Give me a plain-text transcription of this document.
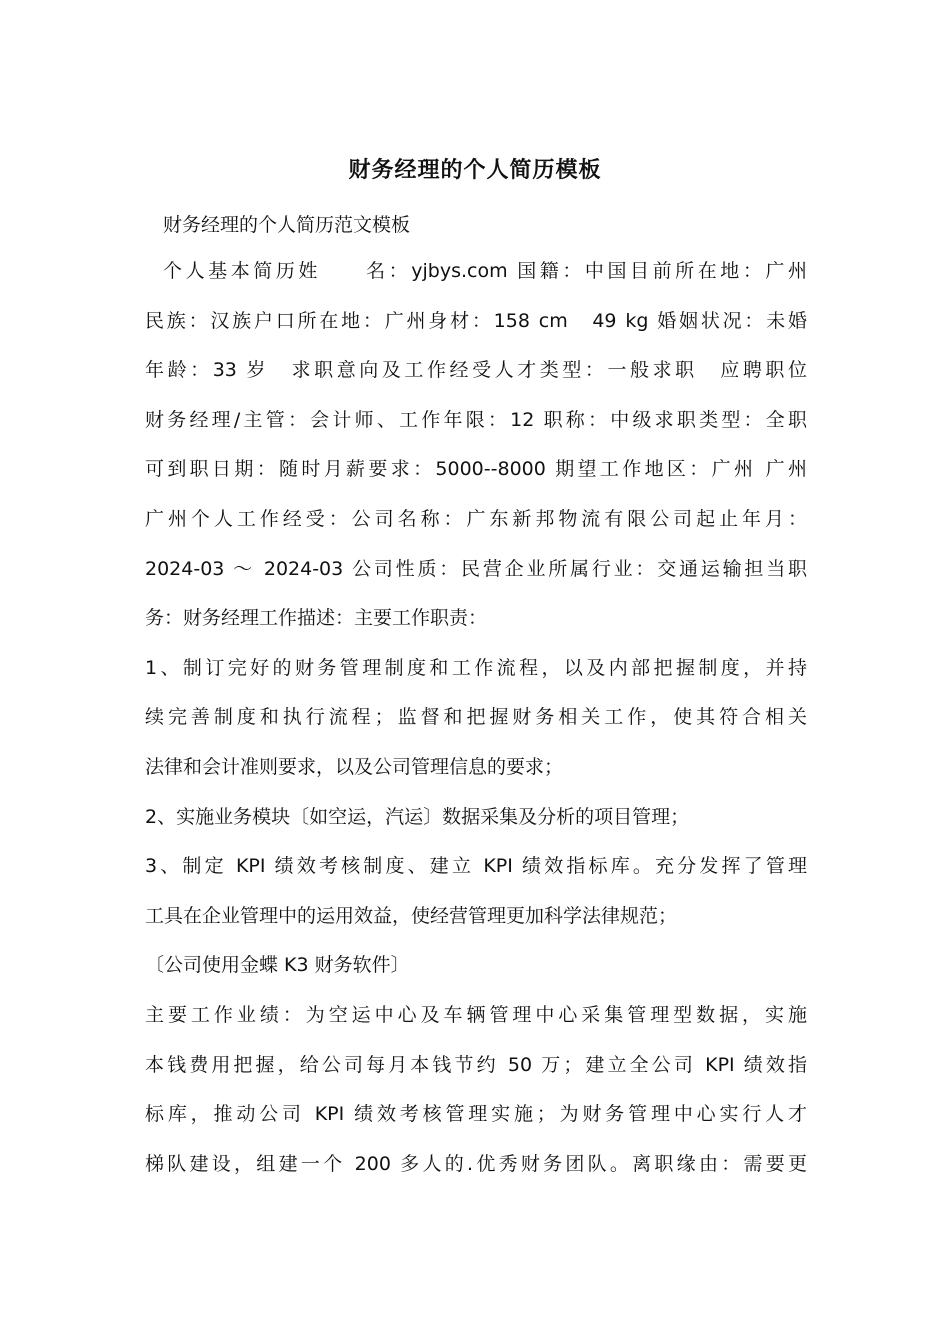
财务经理的个人简历模板
财务经理的个人简历范文模板
个人基本简历姓　　名：yjbys.com 国籍：中国目前所在地：广州
民族：汉族户口所在地：广州身材：158 cm　49 kg 婚姻状况：未婚
年龄：33 岁　求职意向及工作经受人才类型：一般求职　应聘职位
财务经理/主管：会计师、工作年限：12 职称：中级求职类型：全职
可到职日期：随时月薪要求：5000--8000 期望工作地区：广州 广州
广州个人工作经受：公司名称：广东新邦物流有限公司起止年月：
2024-03 ～ 2024-03 公司性质：民营企业所属行业：交通运输担当职
务：财务经理工作描述：主要工作职责：
1、制订完好的财务管理制度和工作流程，以及内部把握制度，并持
续完善制度和执行流程；监督和把握财务相关工作，使其符合相关
法律和会计准则要求，以及公司管理信息的要求；
2、实施业务模块〔如空运，汽运〕数据采集及分析的项目管理；
3、制定 KPI 绩效考核制度、建立 KPI 绩效指标库。充分发挥了管理
工具在企业管理中的运用效益，使经营管理更加科学法律规范；
〔公司使用金蝶 K3 财务软件〕
主要工作业绩：为空运中心及车辆管理中心采集管理型数据，实施
本钱费用把握，给公司每月本钱节约 50 万；建立全公司 KPI 绩效指
标库，推动公司 KPI 绩效考核管理实施；为财务管理中心实行人才
梯队建设，组建一个 200 多人的.优秀财务团队。离职缘由：需要更
